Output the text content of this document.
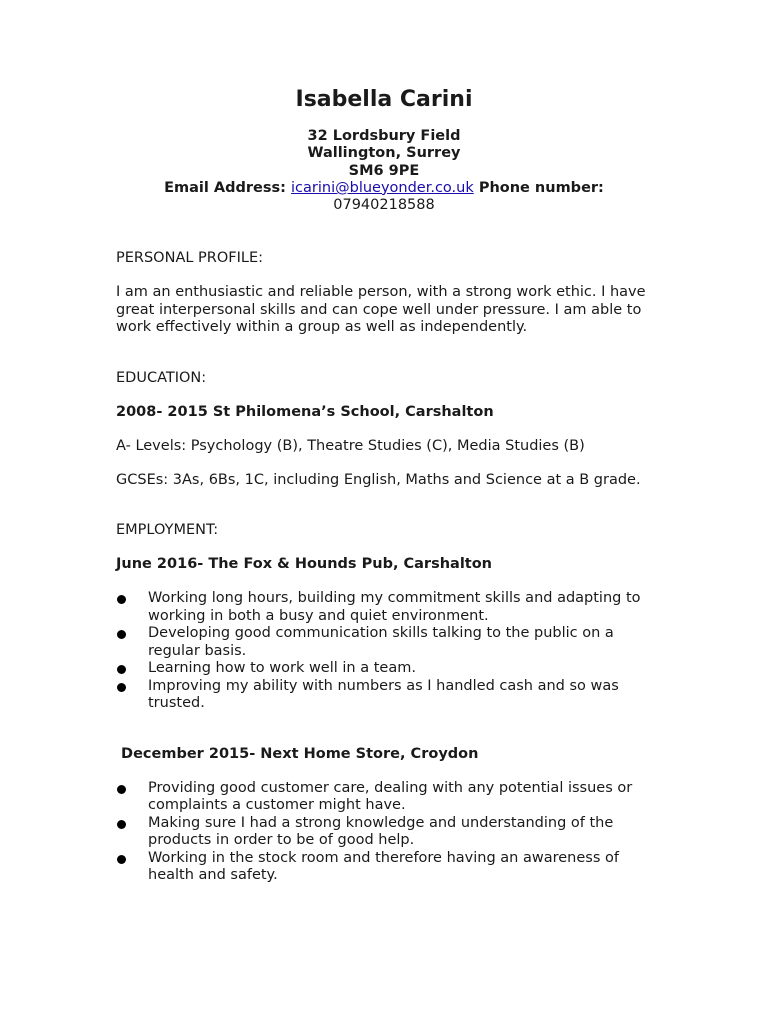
Isabella Carini
32 Lordsbury Field
Wallington, Surrey
SM6 9PE
Email Address: icarini@blueyonder.co.uk Phone number:
07940218588
PERSONAL PROFILE:

I am an enthusiastic and reliable person, with a strong work ethic. I have great interpersonal skills and can cope well under pressure. I am able to work effectively within a group as well as independently.

EDUCATION:
2008- 2015 St Philomena’s School, Carshalton

A- Levels: Psychology (B), Theatre Studies (C), Media Studies (B)

GCSEs: 3As, 6Bs, 1C, including English, Maths and Science at a B grade.

EMPLOYMENT:
June 2016- The Fox & Hounds Pub, Carshalton
Working long hours, building my commitment skills and adapting to working in both a busy and quiet environment.
Developing good communication skills talking to the public on a regular basis.
Learning how to work well in a team.
Improving my ability with numbers as I handled cash and so was trusted.
December 2015- Next Home Store, Croydon
Providing good customer care, dealing with any potential issues or complaints a customer might have.
Making sure I had a strong knowledge and understanding of the products in order to be of good help.
Working in the stock room and therefore having an awareness of health and safety.
